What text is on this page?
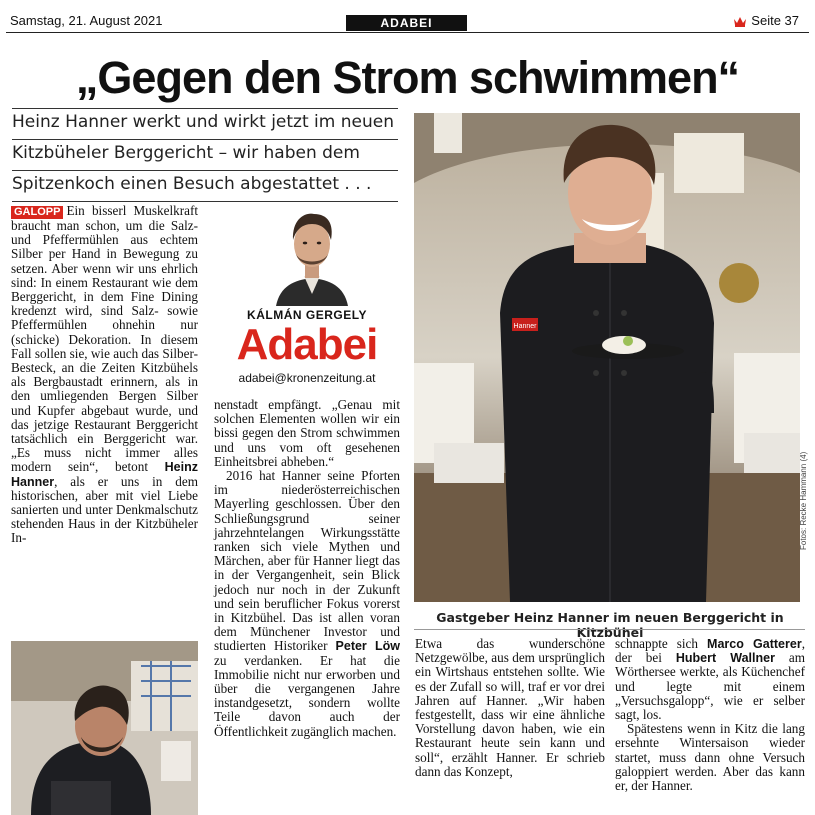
Samstag, 21. August 2021	ADABEI	Seite 37
„Gegen den Strom schwimmen“
Heinz Hanner werkt und wirkt jetzt im neuen
Kitzbüheler Berggericht – wir haben dem
Spitzenkoch einen Besuch abgestattet . . .

GALOPP Ein bisserl Muskelkraft braucht man schon, um die Salz- und Pfeffermühlen aus echtem Silber per Hand in Bewegung zu setzen. Aber wenn wir uns ehrlich sind: In einem Restaurant wie dem Berggericht, in dem Fine Dining kredenzt wird, sind Salz- sowie Pfeffermühlen ohnehin nur (schicke) Dekoration. In diesem Fall sollen sie, wie auch das Silber-Besteck, an die Zeiten Kitzbühels als Bergbaustadt erinnern, als in den umliegenden Bergen Silber und Kupfer abgebaut wurde, und das jetzige Restaurant Berggericht tatsächlich ein Berggericht war. „Es muss nicht immer alles modern sein“, betont Heinz Hanner, als er uns in dem historischen, aber mit viel Liebe sanierten und unter Denkmalschutz stehenden Haus in der Kitzbüheler In-

KÁLMÁN GERGELY
Adabei
adabei@kronenzeitung.at

nenstadt empfängt. „Genau mit solchen Elementen wollen wir ein bissi gegen den Strom schwimmen und uns vom oft gesehenen Einheitsbrei abheben.“

2016 hat Hanner seine Pforten im niederösterreichischen Mayerling geschlossen. Über den Schließungsgrund seiner jahrzehntelangen Wirkungsstätte ranken sich viele Mythen und Märchen, aber für Hanner liegt das in der Vergangenheit, sein Blick jedoch nur noch in der Zukunft und sein beruflicher Fokus vorerst in Kitzbühel. Das ist allen voran dem Münchener Investor und studierten Historiker Peter Löw zu verdanken. Er hat die Immobilie nicht nur erworben und über die vergangenen Jahre instandgesetzt, sondern wollte Teile davon auch der Öffentlichkeit zugänglich machen.

Hanner
Fotos: Recke Hammann (4)
Gastgeber Heinz Hanner im neuen Berggericht in Kitzbühel

Etwa das wunderschöne Netzgewölbe, aus dem ursprünglich ein Wirtshaus entstehen sollte. Wie es der Zufall so will, traf er vor drei Jahren auf Hanner. „Wir haben festgestellt, dass wir eine ähnliche Vorstellung davon haben, wie ein Restaurant heute sein kann und soll“, erzählt Hanner. Er schrieb dann das Konzept,

schnappte sich Marco Gatterer, der bei Hubert Wallner am Wörthersee werkte, als Küchenchef und legte mit einem „Versuchsgalopp“, wie er selber sagt, los.

Spätestens wenn in Kitz die lang ersehnte Wintersaison wieder startet, muss dann ohne Versuch galoppiert werden. Aber das kann er, der Hanner.
